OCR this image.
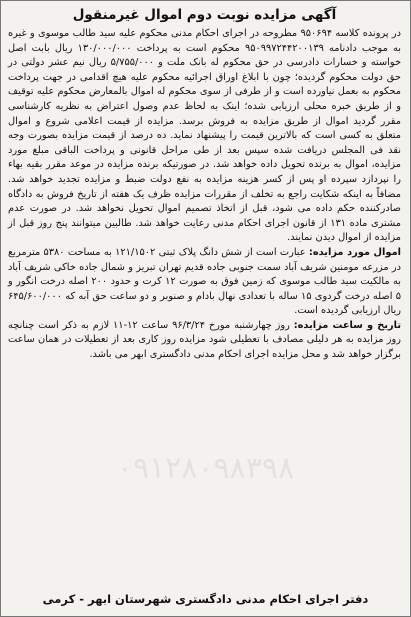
۰۹۱۲۸۰۹۸۳۹۸
آگهی مزایده نوبت دوم اموال غیرمنقول

در پرونده کلاسه ۹۵۰۶۹۴ مطروحه در اجرای احکام مدنی محکوم علیه سید طالب موسوی و غیره به موجب دادنامه ۹۵۰۹۹۷۲۴۴۲۰۰۱۳۹ محکوم است به پرداخت ۱۳۰/۰۰۰/۰۰۰ ریال بابت اصل خواسته و خسارات دادرسی در حق محکوم له بانک ملت و ۵/۷۵۵/۰۰۰ ریال نیم عشر دولتی در حق دولت محکوم گردیده؛ چون با ابلاغ اوراق اجرائیه محکوم علیه هیچ اقدامی در جهت پرداخت محکوم به بعمل نیاورده است و از طرفی از سوی محکوم له اموال بالمعارض محکوم علیه توقیف و از طریق خبره محلی ارزیابی شده؛ اینک به لحاظ عدم وصول اعتراض به نظریه کارشناسی مقرر گردید اموال از طریق مزایده به فروش برسد. مزایده از قیمت اعلامی شروع و اموال متعلق به کسی است که بالاترین قیمت را پیشنهاد نماید. ده درصد از قیمت مزایده بصورت وجه نقد فی المجلس دریافت شده سپس بعد از طی مراحل قانونی و پرداخت الباقی مبلغ مورد مزایده، اموال به برنده تحویل داده خواهد شد. در صورتیکه برنده مزایده در موعد مقرر بقیه بهاء را نپردازد سپرده او پس از کسر هزینه مزایده به نفع دولت ضبط و مزایده تجدید خواهد شد. مضافاً به اینکه شکایت راجع به تخلف از مقررات مزایده ظرف یک هفته از تاریخ فروش به دادگاه صادرکننده حکم داده می شود، قبل از اتخاذ تصمیم اموال تحویل نخواهد شد. در صورت عدم مشتری ماده ۱۳۱ از قانون اجرای احکام مدنی رعایت خواهد شد. طالبین میتوانند پنج روز قبل از مزایده از اموال دیدن نمایند.

اموال مورد مزایده: عبارت است از شش دانگ پلاک ثبتی ۱۲۱/۱۵۰۲ به مساحت ۵۳۸۰ مترمربع در مزرعه مومنین شریف آباد سمت جنوبی جاده قدیم تهران تبریز و شمال جاده خاکی شریف آباد به مالکیت سید طالب موسوی که زمین فوق به صورت ۱۲ کرت و حدود ۲۰۰ اصله درخت انگور و ۵ اصله درخت گردوی ۱۵ ساله با تعدادی نهال بادام و صنوبر و دو ساعت حق آبه که ۶۴۵/۶۰۰/۰۰۰ ریال ارزیابی گردیده است.

تاریخ و ساعت مزایده: روز چهارشنبه مورخ ۹۶/۳/۲۴ ساعت ۱۲-۱۱ لازم به ذکر است چنانچه روز مزایده به هر دلیلی مصادف با تعطیلی شود مزایده روز کاری بعد از تعطیلات در همان ساعت برگزار خواهد شد و محل مزایده اجرای احکام مدنی دادگستری ابهر می باشد.

دفتر اجرای احکام مدنی دادگستری شهرستان ابهر - کرمی
